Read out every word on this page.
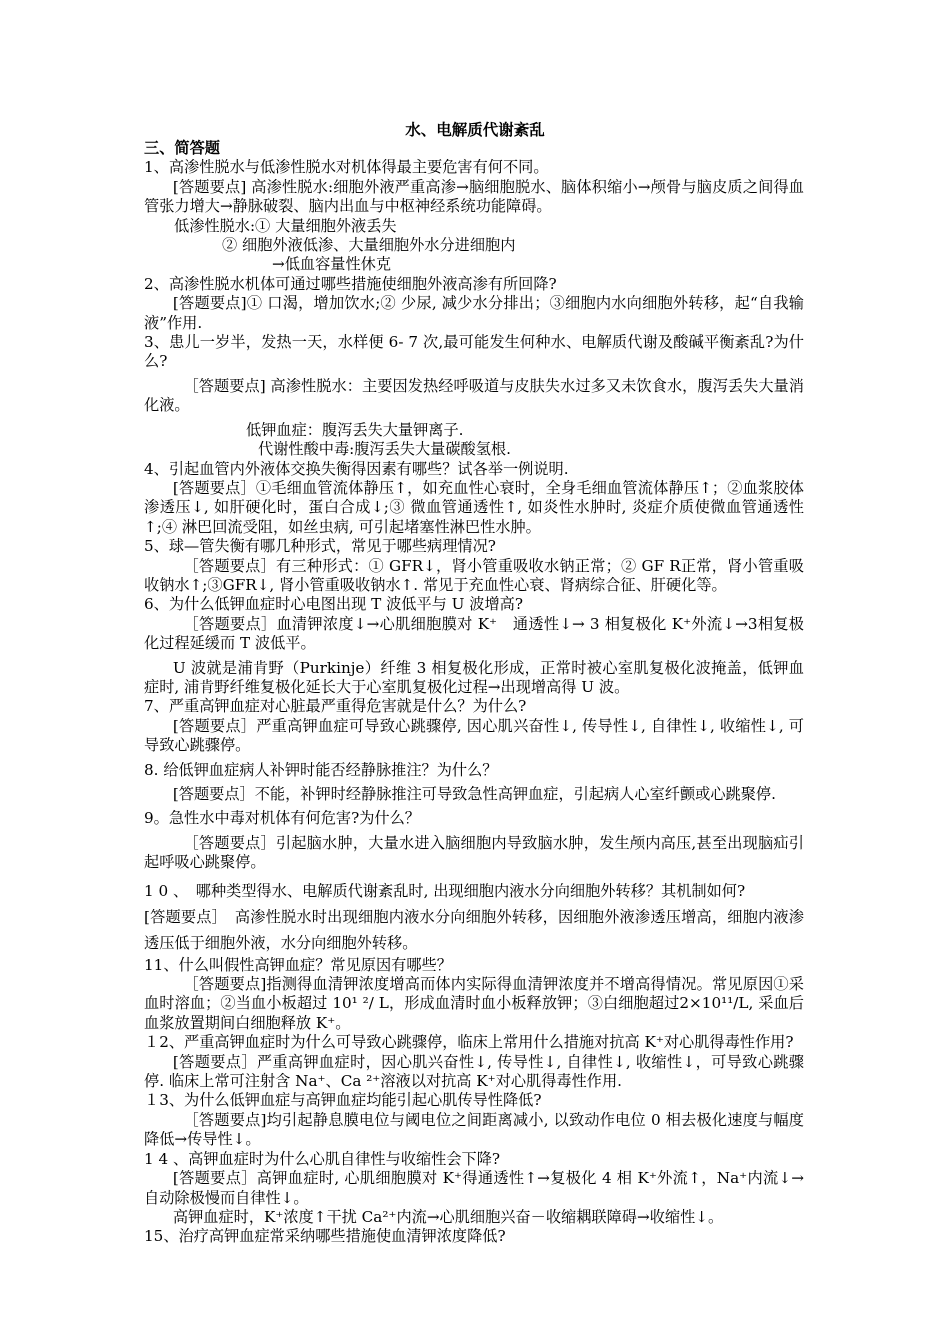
水、电解质代谢紊乱

三、简答题

1、高渗性脱水与低渗性脱水对机体得最主要危害有何不同。

[答题要点] 高渗性脱水:细胞外液严重高渗→脑细胞脱水、脑体积缩小→颅骨与脑皮质之间得血管张力增大→静脉破裂、脑内出血与中枢神经系统功能障碍。

低渗性脱水:① 大量细胞外液丢失

② 细胞外液低渗、大量细胞外水分进细胞内

→低血容量性休克

2、高渗性脱水机体可通过哪些措施使细胞外液高渗有所回降?

[答题要点]① 口渴，增加饮水;② 少尿, 减少水分排出；③细胞内水向细胞外转移，起“自我输液”作用.

3、患儿一岁半，发热一天，水样便 6- 7 次,最可能发生何种水、电解质代谢及酸碱平衡紊乱?为什么?

［答题要点] 高渗性脱水：主要因发热经呼吸道与皮肤失水过多又未饮食水，腹泻丢失大量消化液。

低钾血症：腹泻丢失大量钾离子.

代谢性酸中毒:腹泻丢失大量碳酸氢根.

4、引起血管内外液体交换失衡得因素有哪些？试各举一例说明.

[答题要点］①毛细血管流体静压↑，如充血性心衰时，全身毛细血管流体静压↑；②血浆胶体渗透压↓, 如肝硬化时，蛋白合成↓;③ 微血管通透性↑, 如炎性水肿时, 炎症介质使微血管通透性↑;④ 淋巴回流受阻，如丝虫病, 可引起堵塞性淋巴性水肿。

5、球—管失衡有哪几种形式，常见于哪些病理情况?

［答题要点］有三种形式：① GFR↓，肾小管重吸收水钠正常；② GF R正常，肾小管重吸收钠水↑;③GFR↓, 肾小管重吸收钠水↑. 常见于充血性心衰、肾病综合征、肝硬化等。

6、为什么低钾血症时心电图出现 T 波低平与 U 波增高?

［答题要点］血清钾浓度↓→心肌细胞膜对 K⁺　通透性↓→ 3 相复极化 K⁺外流↓→3相复极化过程延缓而 T 波低平。

U 波就是浦肯野（Purkinje）纤维 3 相复极化形成，正常时被心室肌复极化波掩盖，低钾血症时, 浦肯野纤维复极化延长大于心室肌复极化过程→出现增高得 U 波。

7、严重高钾血症对心脏最严重得危害就是什么？为什么?

[答题要点］严重高钾血症可导致心跳骤停, 因心肌兴奋性↓, 传导性↓, 自律性↓, 收缩性↓, 可导致心跳骤停。

8. 给低钾血症病人补钾时能否经静脉推注？为什么？

[答题要点］不能，补钾时经静脉推注可导致急性高钾血症，引起病人心室纤颤或心跳聚停.

9。急性水中毒对机体有何危害?为什么？

［答题要点］引起脑水肿，大量水进入脑细胞内导致脑水肿，发生颅内高压,甚至出现脑疝引起呼吸心跳聚停。

1 0 、　哪种类型得水、电解质代谢紊乱时, 出现细胞内液水分向细胞外转移？其机制如何?

[答题要点］　高渗性脱水时出现细胞内液水分向细胞外转移，因细胞外液渗透压增高，细胞内液渗透压低于细胞外液，水分向细胞外转移。

11、什么叫假性高钾血症？常见原因有哪些？

［答题要点]指测得血清钾浓度增高而体内实际得血清钾浓度并不增高得情况。常见原因①采血时溶血；②当血小板超过 10¹ ²/ L，形成血清时血小板释放钾；③白细胞超过2×10¹¹/L, 采血后血浆放置期间白细胞释放 K⁺。

１2、严重高钾血症时为什么可导致心跳骤停，临床上常用什么措施对抗高 K⁺对心肌得毒性作用?

[答题要点］严重高钾血症时，因心肌兴奋性↓, 传导性↓, 自律性↓, 收缩性↓，可导致心跳骤停. 临床上常可注射含 Na⁺、Ca ²⁺溶液以对抗高 K⁺对心肌得毒性作用.

１3、为什么低钾血症与高钾血症均能引起心肌传导性降低?

［答题要点]均引起静息膜电位与阈电位之间距离减小, 以致动作电位 0 相去极化速度与幅度降低→传导性↓。

1 4 、高钾血症时为什么心肌自律性与收缩性会下降?

[答题要点］高钾血症时, 心肌细胞膜对 K⁺得通透性↑→复极化 4 相 K⁺外流↑，Na⁺内流↓→自动除极慢而自律性↓。

高钾血症时，K⁺浓度↑干扰 Ca²⁺内流→心肌细胞兴奋－收缩耦联障碍→收缩性↓。

15、治疗高钾血症常采纳哪些措施使血清钾浓度降低?
